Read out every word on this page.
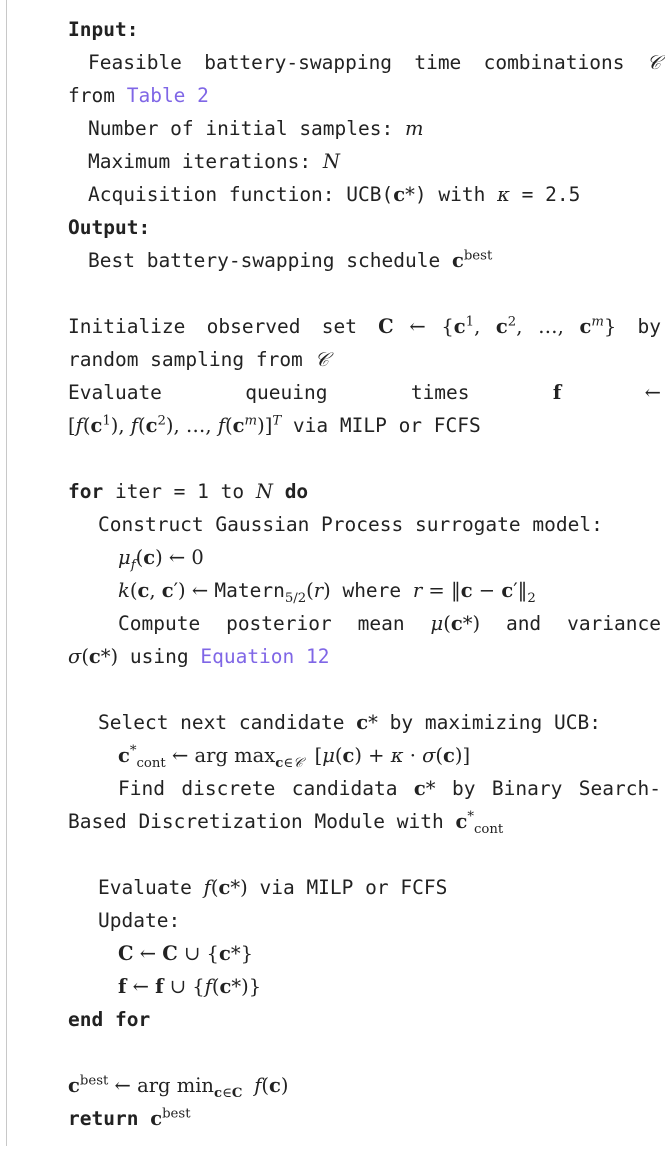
Input:
Feasible battery-swapping time combinations 𝒞
from Table 2
Number of initial samples: m
Maximum iterations: N
Acquisition function: UCB(c*) with κ = 2.5
Output:
Best battery-swapping schedule $c^{best}$
Initialize observed set C ← {$c^1$, $c^2$, …, $c^m$} by
random sampling from 𝒞
Evaluate	queuing	times	f	←
[$f(c^1)$, $f(c^2)$, …, $f(c^m)]^T$ via MILP or FCFS
for iter = 1 to N do
Construct Gaussian Process surrogate model:
$\mu_f(c)$ ← 0
k(c, c′) ← Matern$_{5/2}$(r) where r = ‖c − $c'‖_2$
Compute posterior mean μ(c*) and variance
σ(c*) using Equation 12
Select next candidate c* by maximizing UCB:
$c^*_{cont}$ ← arg $\max_{c\in 𝒞} [\mu(c) + \kappa \cdot \sigma(c)]$
Find discrete candidata c* by Binary Search-
Based Discretization Module with $c^*_{cont}$
Evaluate f(c*) via MILP or FCFS
Update:
C ← C ∪ {c*}
f ← f ∪ {f(c*)}
end for
$c^{best}$ ← arg $\min_{c\in C} f(c)$
return $c^{best}$
